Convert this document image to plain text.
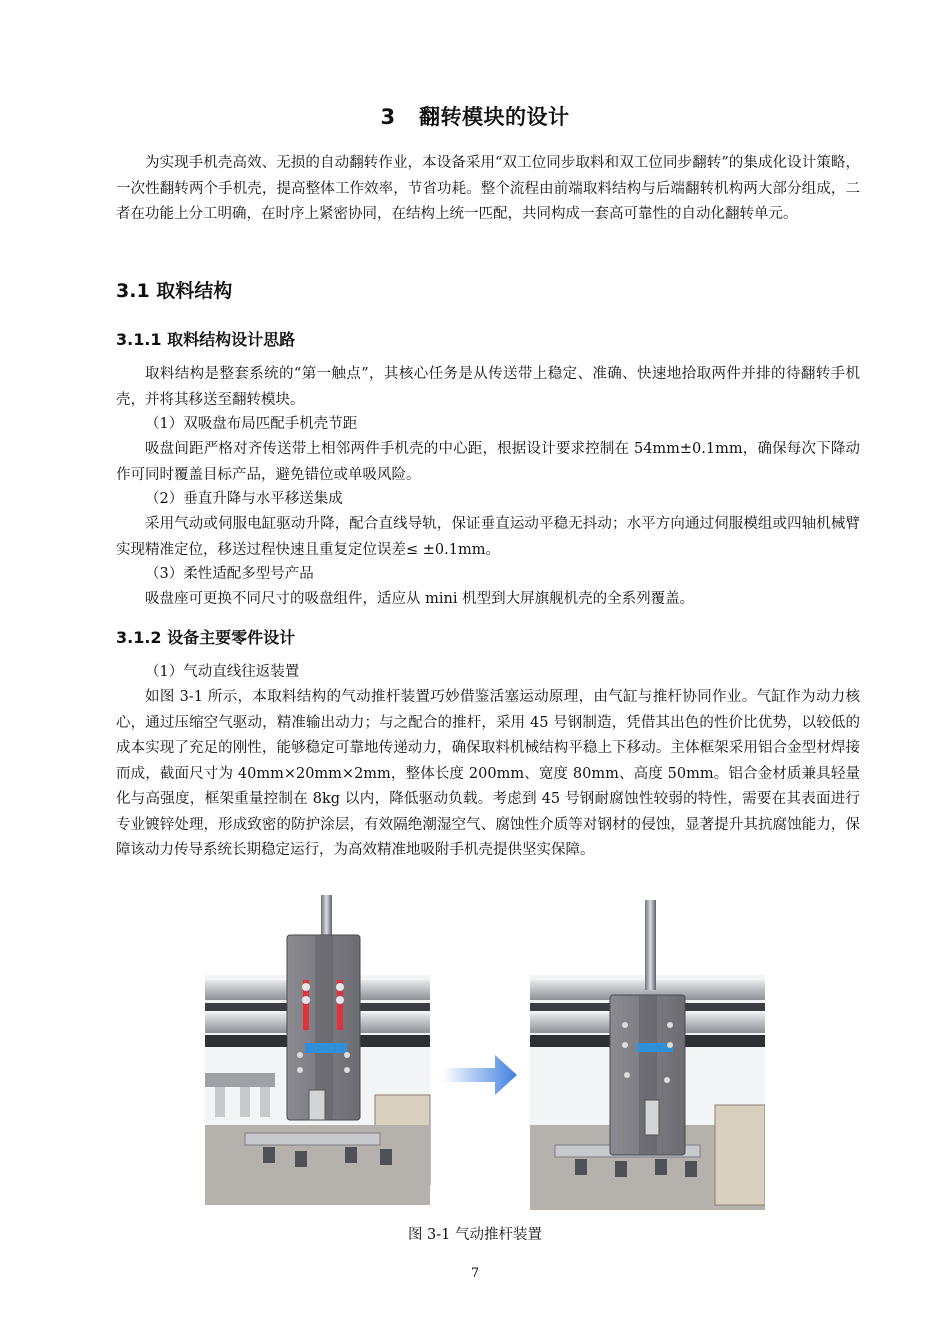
3   翻转模块的设计

为实现手机壳高效、无损的自动翻转作业，本设备采用“双工位同步取料和双工位同步翻转”的集成化设计策略，一次性翻转两个手机壳，提高整体工作效率，节省功耗。整个流程由前端取料结构与后端翻转机构两大部分组成，二者在功能上分工明确，在时序上紧密协同，在结构上统一匹配，共同构成一套高可靠性的自动化翻转单元。

3.1 取料结构
3.1.1 取料结构设计思路

取料结构是整套系统的“第一触点”，其核心任务是从传送带上稳定、准确、快速地拾取两件并排的待翻转手机壳，并将其移送至翻转模块。

（1）双吸盘布局匹配手机壳节距

吸盘间距严格对齐传送带上相邻两件手机壳的中心距，根据设计要求控制在 54mm±0.1mm，确保每次下降动作可同时覆盖目标产品，避免错位或单吸风险。

（2）垂直升降与水平移送集成

采用气动或伺服电缸驱动升降，配合直线导轨，保证垂直运动平稳无抖动；水平方向通过伺服模组或四轴机械臂实现精准定位，移送过程快速且重复定位误差≤ ±0.1mm。

（3）柔性适配多型号产品

吸盘座可更换不同尺寸的吸盘组件，适应从 mini 机型到大屏旗舰机壳的全系列覆盖。

3.1.2 设备主要零件设计
（1）气动直线往返装置

如图 3-1 所示，本取料结构的气动推杆装置巧妙借鉴活塞运动原理，由气缸与推杆协同作业。气缸作为动力核心，通过压缩空气驱动，精准输出动力；与之配合的推杆，采用 45 号钢制造，凭借其出色的性价比优势，以较低的成本实现了充足的刚性，能够稳定可靠地传递动力，确保取料机械结构平稳上下移动。主体框架采用铝合金型材焊接而成，截面尺寸为 40mm×20mm×2mm，整体长度 200mm、宽度 80mm、高度 50mm。铝合金材质兼具轻量化与高强度，框架重量控制在 8kg 以内，降低驱动负载。考虑到 45 号钢耐腐蚀性较弱的特性，需要在其表面进行专业镀锌处理，形成致密的防护涂层，有效隔绝潮湿空气、腐蚀性介质等对钢材的侵蚀，显著提升其抗腐蚀能力，保障该动力传导系统长期稳定运行，为高效精准地吸附手机壳提供坚实保障。

图 3-1 气动推杆装置
7
